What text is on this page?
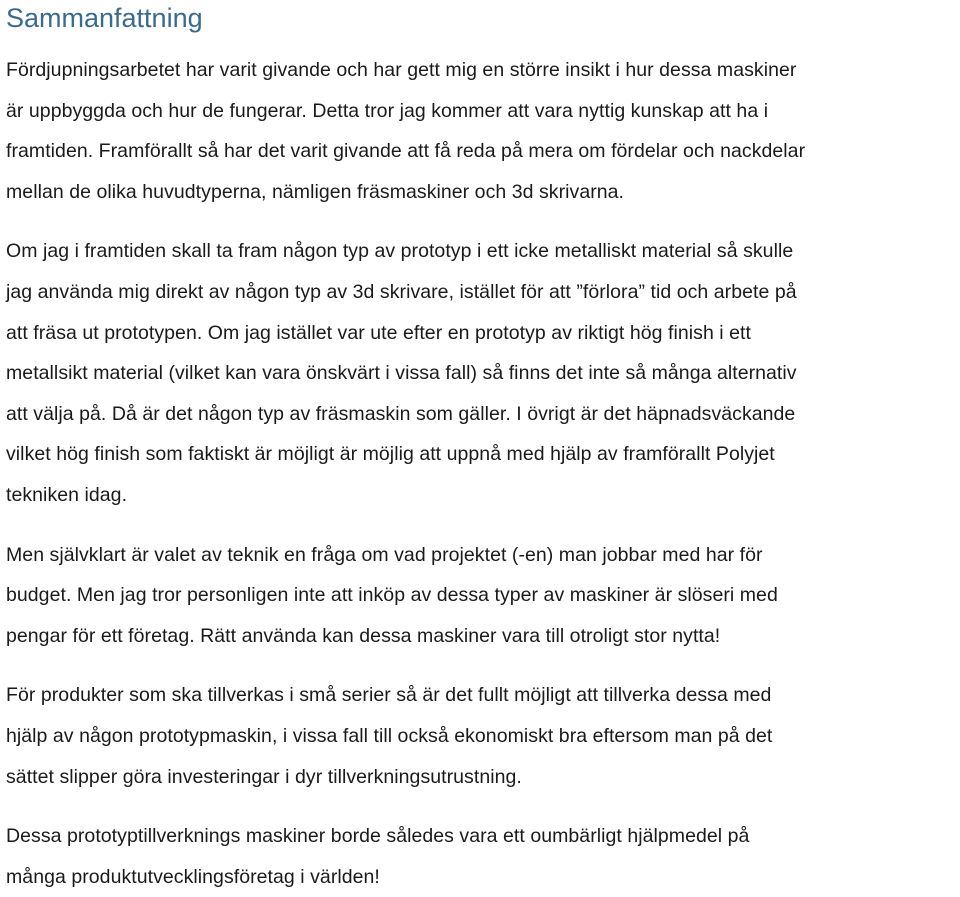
Sammanfattning

Fördjupningsarbetet har varit givande och har gett mig en större insikt i hur dessa maskiner
är uppbyggda och hur de fungerar. Detta tror jag kommer att vara nyttig kunskap att ha i
framtiden. Framförallt så har det varit givande att få reda på mera om fördelar och nackdelar
mellan de olika huvudtyperna, nämligen fräsmaskiner och 3d skrivarna.

Om jag i framtiden skall ta fram någon typ av prototyp i ett icke metalliskt material så skulle
jag använda mig direkt av någon typ av 3d skrivare, istället för att ”förlora” tid och arbete på
att fräsa ut prototypen. Om jag istället var ute efter en prototyp av riktigt hög finish i ett
metallsikt material (vilket kan vara önskvärt i vissa fall) så finns det inte så många alternativ
att välja på. Då är det någon typ av fräsmaskin som gäller. I övrigt är det häpnadsväckande
vilket hög finish som faktiskt är möjligt är möjlig att uppnå med hjälp av framförallt Polyjet
tekniken idag.

Men självklart är valet av teknik en fråga om vad projektet (-en) man jobbar med har för
budget. Men jag tror personligen inte att inköp av dessa typer av maskiner är slöseri med
pengar för ett företag. Rätt använda kan dessa maskiner vara till otroligt stor nytta!

För produkter som ska tillverkas i små serier så är det fullt möjligt att tillverka dessa med
hjälp av någon prototypmaskin, i vissa fall till också ekonomiskt bra eftersom man på det
sättet slipper göra investeringar i dyr tillverkningsutrustning.

Dessa prototyptillverknings maskiner borde således vara ett oumbärligt hjälpmedel på
många produktutvecklingsföretag i världen!
